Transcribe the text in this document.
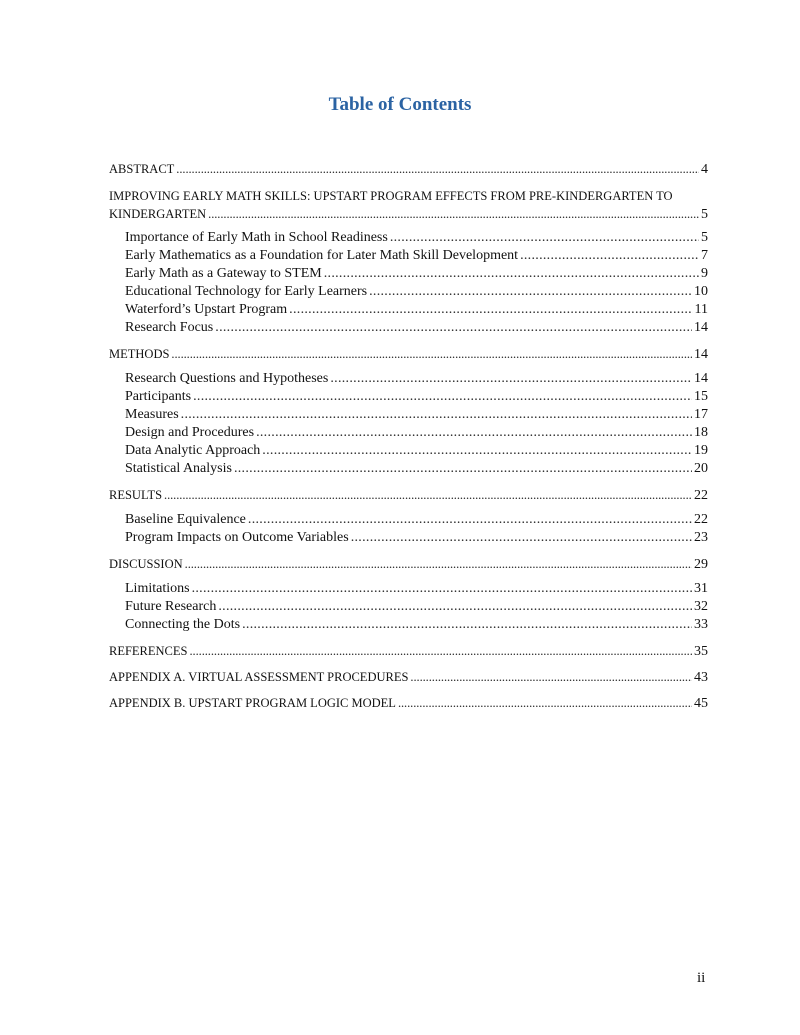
Table of Contents
ABSTRACT . . .	4
IMPROVING EARLY MATH SKILLS: UPSTART PROGRAM EFFECTS FROM PRE-KINDERGARTEN TO
KINDERGARTEN . . .	5
Importance of Early Math in School Readiness . . .	5
Early Mathematics as a Foundation for Later Math Skill Development . . .	7
Early Math as a Gateway to STEM . . .	9
Educational Technology for Early Learners . . .	10
Waterford’s Upstart Program . . .	11
Research Focus . . .	14
METHODS . . .	14
Research Questions and Hypotheses . . .	14
Participants . . .	15
Measures . . .	17
Design and Procedures . . .	18
Data Analytic Approach . . .	19
Statistical Analysis . . .	20
RESULTS . . .	22
Baseline Equivalence . . .	22
Program Impacts on Outcome Variables . . .	23
DISCUSSION . . .	29
Limitations . . .	31
Future Research . . .	32
Connecting the Dots . . .	33
REFERENCES . . .	35
APPENDIX A. VIRTUAL ASSESSMENT PROCEDURES . . .	43
APPENDIX B. UPSTART PROGRAM LOGIC MODEL . . .	45
ii
